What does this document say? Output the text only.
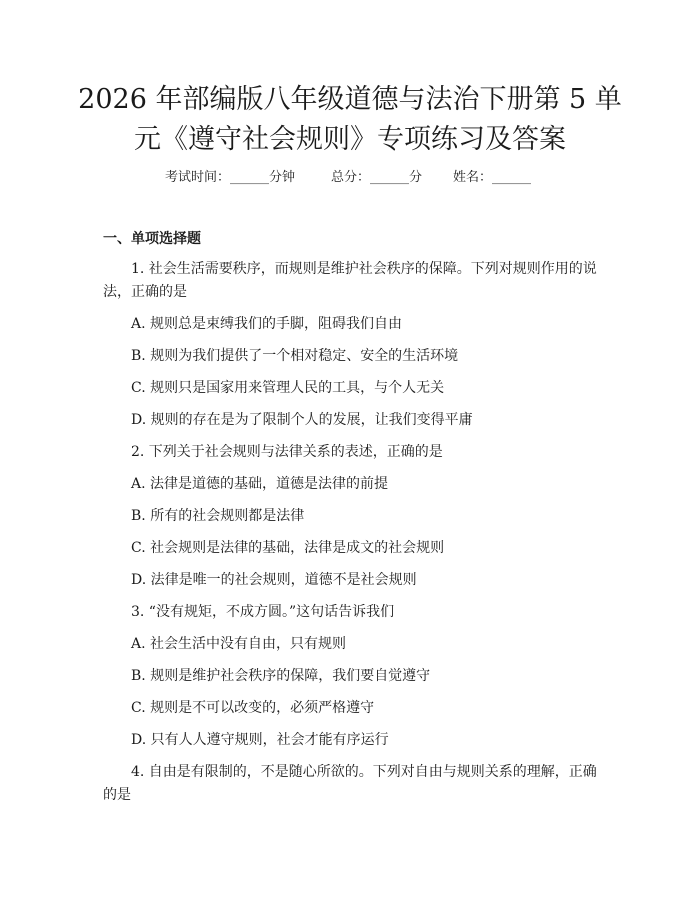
2026 年部编版八年级道德与法治下册第 5 单
元《遵守社会规则》专项练习及答案
考试时间：______分钟	总分：______分 姓名：______
一、单项选择题
1. 社会生活需要秩序，而规则是维护社会秩序的保障。下列对规则作用的说
法，正确的是
A. 规则总是束缚我们的手脚，阻碍我们自由
B. 规则为我们提供了一个相对稳定、安全的生活环境
C. 规则只是国家用来管理人民的工具，与个人无关
D. 规则的存在是为了限制个人的发展，让我们变得平庸
2. 下列关于社会规则与法律关系的表述，正确的是
A. 法律是道德的基础，道德是法律的前提
B. 所有的社会规则都是法律
C. 社会规则是法律的基础，法律是成文的社会规则
D. 法律是唯一的社会规则，道德不是社会规则
3. “没有规矩，不成方圆。”这句话告诉我们
A. 社会生活中没有自由，只有规则
B. 规则是维护社会秩序的保障，我们要自觉遵守
C. 规则是不可以改变的，必须严格遵守
D. 只有人人遵守规则，社会才能有序运行
4. 自由是有限制的，不是随心所欲的。下列对自由与规则关系的理解，正确
的是
